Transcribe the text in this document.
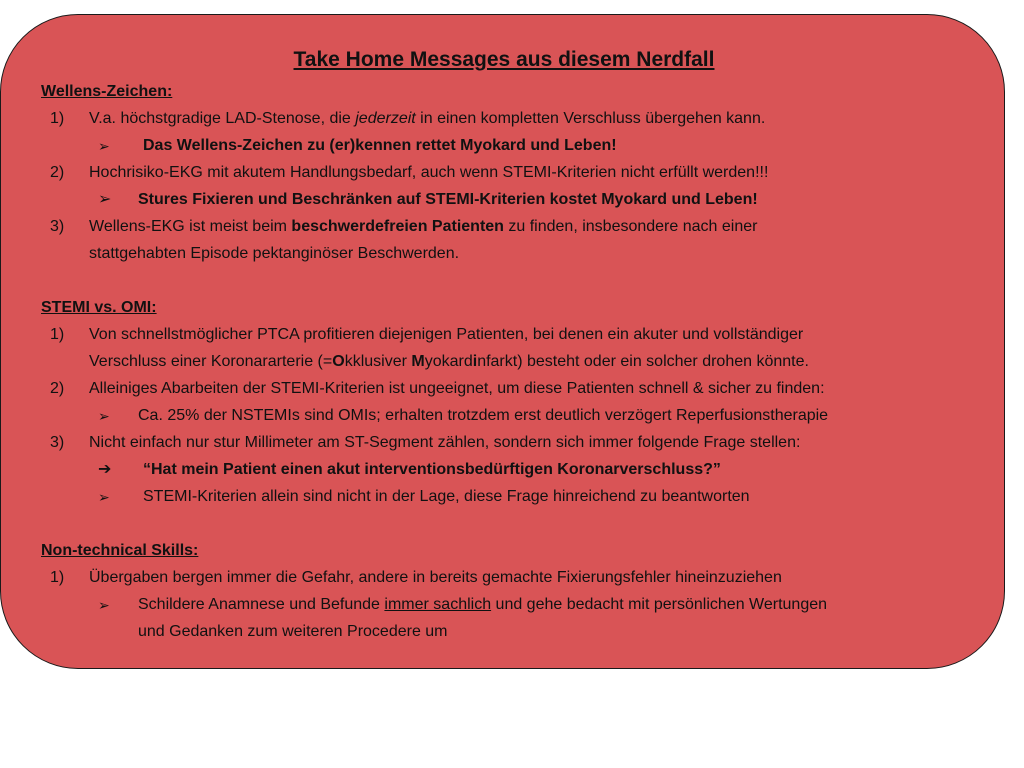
Take Home Messages aus diesem Nerdfall
Wellens-Zeichen:
1) V.a. höchstgradige LAD-Stenose, die jederzeit in einen kompletten Verschluss übergehen kann.
➢ Das Wellens-Zeichen zu (er)kennen rettet Myokard und Leben!
2) Hochrisiko-EKG mit akutem Handlungsbedarf, auch wenn STEMI-Kriterien nicht erfüllt werden!!!
➢ Stures Fixieren und Beschränken auf STEMI-Kriterien kostet Myokard und Leben!
3) Wellens-EKG ist meist beim beschwerdefreien Patienten zu finden, insbesondere nach einer
stattgehabten Episode pektanginöser Beschwerden.
STEMI vs. OMI:
1) Von schnellstmöglicher PTCA profitieren diejenigen Patienten, bei denen ein akuter und vollständiger
Verschluss einer Koronararterie (=Okklusiver Myokardinfarkt) besteht oder ein solcher drohen könnte.
2) Alleiniges Abarbeiten der STEMI-Kriterien ist ungeeignet, um diese Patienten schnell & sicher zu finden:
➢ Ca. 25% der NSTEMIs sind OMIs; erhalten trotzdem erst deutlich verzögert Reperfusionstherapie
3) Nicht einfach nur stur Millimeter am ST-Segment zählen, sondern sich immer folgende Frage stellen:
➔ “Hat mein Patient einen akut interventionsbedürftigen Koronarverschluss?”
➢ STEMI-Kriterien allein sind nicht in der Lage, diese Frage hinreichend zu beantworten
Non-technical Skills:
1) Übergaben bergen immer die Gefahr, andere in bereits gemachte Fixierungsfehler hineinzuziehen
➢ Schildere Anamnese und Befunde immer sachlich und gehe bedacht mit persönlichen Wertungen
und Gedanken zum weiteren Procedere um
